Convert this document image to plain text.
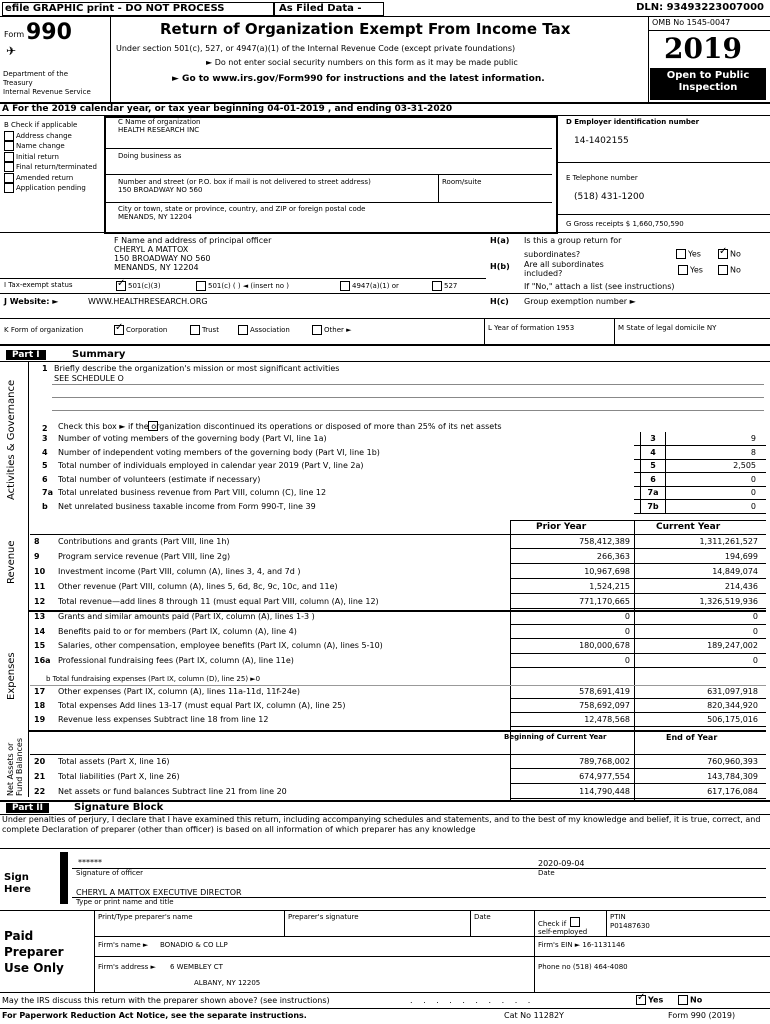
efile GRAPHIC print - DO NOT PROCESS	As Filed Data -	DLN: 93493223007000
Form 990
✈
Department of the
Treasury
Internal Revenue Service
Return of Organization Exempt From Income Tax
Under section 501(c), 527, or 4947(a)(1) of the Internal Revenue Code (except private foundations)
► Do not enter social security numbers on this form as it may be made public
► Go to www.irs.gov/Form990 for instructions and the latest information.
OMB No 1545-0047
2019
Open to Public
Inspection
A For the 2019 calendar year, or tax year beginning 04-01-2019 , and ending 03-31-2020
B Check if applicable
Address change
Name change
Initial return
Final return/terminated
Amended return
Application pending
C Name of organization
HEALTH RESEARCH INC
Doing business as
Number and street (or P.O. box if mail is not delivered to street address)
150 BROADWAY NO 560
Room/suite
City or town, state or province, country, and ZIP or foreign postal code
MENANDS, NY 12204
D Employer identification number
14-1402155
E Telephone number
(518) 431-1200
G Gross receipts $ 1,660,750,590
F Name and address of principal officer
CHERYL A MATTOX
150 BROADWAY NO 560
MENANDS, NY 12204
H(a) Is this a group return for
subordinates?	Yes ✓	No
H(b) Are all subordinates
included?	Yes	No
If "No," attach a list (see instructions)
I Tax-exempt status ✓	501(c)(3)	501(c) ( ) ◄ (insert no )	4947(a)(1) or	527
J Website: ►	WWW.HEALTHRESEARCH.ORG	H(c) Group exemption number ►
K Form of organization ✓	Corporation	Trust	Association	Other ►	L Year of formation 1953	M State of legal domicile NY
Part I	Summary
Activities & Governance
Revenue
Expenses
Net Assets or Fund Balances
1 Briefly describe the organization's mission or most significant activities
SEE SCHEDULE O
2 Check this box ► if the organization discontinued its operations or disposed of more than 25% of its net assets
3 Number of voting members of the governing body (Part VI, line 1a)	3	9
4 Number of independent voting members of the governing body (Part VI, line 1b)	4	8
5 Total number of individuals employed in calendar year 2019 (Part V, line 2a)	5	2,505
6 Total number of volunteers (estimate if necessary)	6	0
7a Total unrelated business revenue from Part VIII, column (C), line 12	7a	0
b Net unrelated business taxable income from Form 990-T, line 39	7b	0
Prior Year	Current Year
8 Contributions and grants (Part VIII, line 1h)	758,412,389	1,311,261,527
9 Program service revenue (Part VIII, line 2g)	266,363	194,699
10 Investment income (Part VIII, column (A), lines 3, 4, and 7d )	10,967,698	14,849,074
11 Other revenue (Part VIII, column (A), lines 5, 6d, 8c, 9c, 10c, and 11e)	1,524,215	214,436
12 Total revenue—add lines 8 through 11 (must equal Part VIII, column (A), line 12)	771,170,665	1,326,519,936
13 Grants and similar amounts paid (Part IX, column (A), lines 1-3 )	0	0
14 Benefits paid to or for members (Part IX, column (A), line 4)	0	0
15 Salaries, other compensation, employee benefits (Part IX, column (A), lines 5-10)	180,000,678	189,247,002
16a Professional fundraising fees (Part IX, column (A), line 11e)	0	0
b Total fundraising expenses (Part IX, column (D), line 25) ►0
17 Other expenses (Part IX, column (A), lines 11a-11d, 11f-24e)	578,691,419	631,097,918
18 Total expenses Add lines 13-17 (must equal Part IX, column (A), line 25)	758,692,097	820,344,920
19 Revenue less expenses Subtract line 18 from line 12	12,478,568	506,175,016
Beginning of Current Year	End of Year
20 Total assets (Part X, line 16)	789,768,002	760,960,393
21 Total liabilities (Part X, line 26)	674,977,554	143,784,309
22 Net assets or fund balances Subtract line 21 from line 20	114,790,448	617,176,084
Part II	Signature Block
Under penalties of perjury, I declare that I have examined this return, including accompanying schedules and statements, and to the best of my knowledge and belief, it is true, correct, and complete Declaration of preparer (other than officer) is based on all information of which preparer has any knowledge
Sign
Here
******
Signature of officer
2020-09-04
Date
CHERYL A MATTOX EXECUTIVE DIRECTOR
Type or print name and title
Paid
Preparer
Use Only
Print/Type preparer's name	Preparer's signature	Date
Check if
self-employed
PTIN
P01487630
Firm's name ► BONADIO & CO LLP	Firm's EIN ► 16-1131146
Firm's address ► 6 WEMBLEY CT
ALBANY, NY 12205
Phone no (518) 464-4080
May the IRS discuss this return with the preparer shown above? (see instructions)	. . . . . . . . . . ✓	Yes	No
For Paperwork Reduction Act Notice, see the separate instructions.	Cat No 11282Y	Form 990 (2019)
